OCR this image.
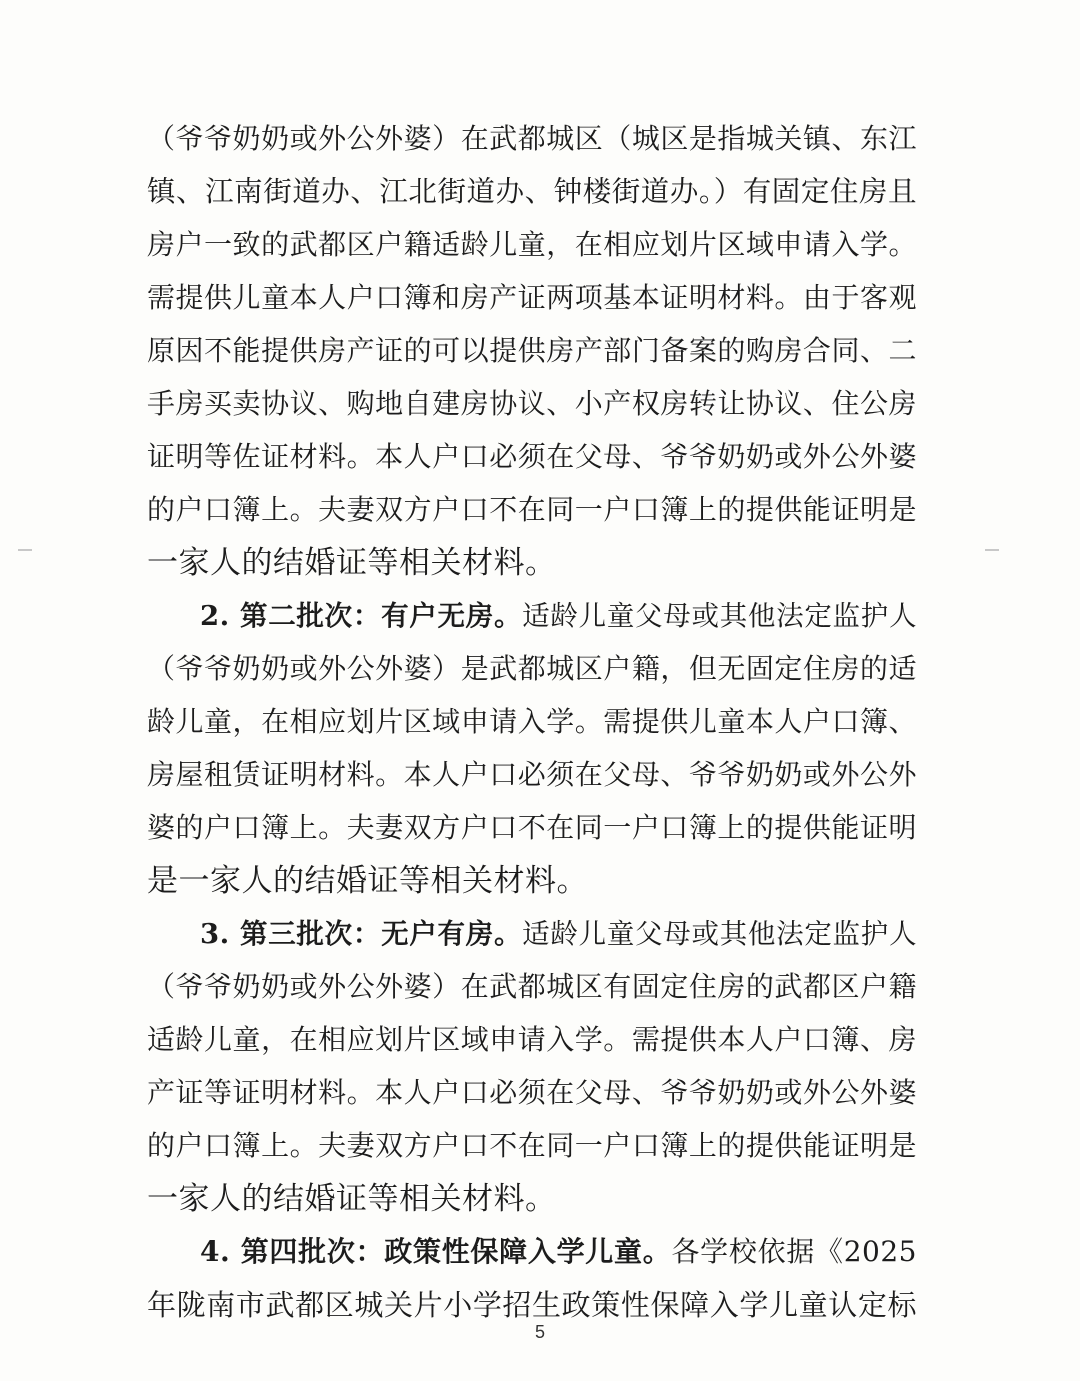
（爷爷奶奶或外公外婆）在武都城区（城区是指城关镇、东江
镇、江南街道办、江北街道办、钟楼街道办。）有固定住房且
房户一致的武都区户籍适龄儿童，在相应划片区域申请入学。
需提供儿童本人户口簿和房产证两项基本证明材料。由于客观
原因不能提供房产证的可以提供房产部门备案的购房合同、二
手房买卖协议、购地自建房协议、小产权房转让协议、住公房
证明等佐证材料。本人户口必须在父母、爷爷奶奶或外公外婆
的户口簿上。夫妻双方户口不在同一户口簿上的提供能证明是
一家人的结婚证等相关材料。
2. 第二批次：有户无房。适龄儿童父母或其他法定监护人
（爷爷奶奶或外公外婆）是武都城区户籍，但无固定住房的适
龄儿童，在相应划片区域申请入学。需提供儿童本人户口簿、
房屋租赁证明材料。本人户口必须在父母、爷爷奶奶或外公外
婆的户口簿上。夫妻双方户口不在同一户口簿上的提供能证明
是一家人的结婚证等相关材料。
3. 第三批次：无户有房。适龄儿童父母或其他法定监护人
（爷爷奶奶或外公外婆）在武都城区有固定住房的武都区户籍
适龄儿童，在相应划片区域申请入学。需提供本人户口簿、房
产证等证明材料。本人户口必须在父母、爷爷奶奶或外公外婆
的户口簿上。夫妻双方户口不在同一户口簿上的提供能证明是
一家人的结婚证等相关材料。
4. 第四批次：政策性保障入学儿童。各学校依据《2025
年陇南市武都区城关片小学招生政策性保障入学儿童认定标
5
